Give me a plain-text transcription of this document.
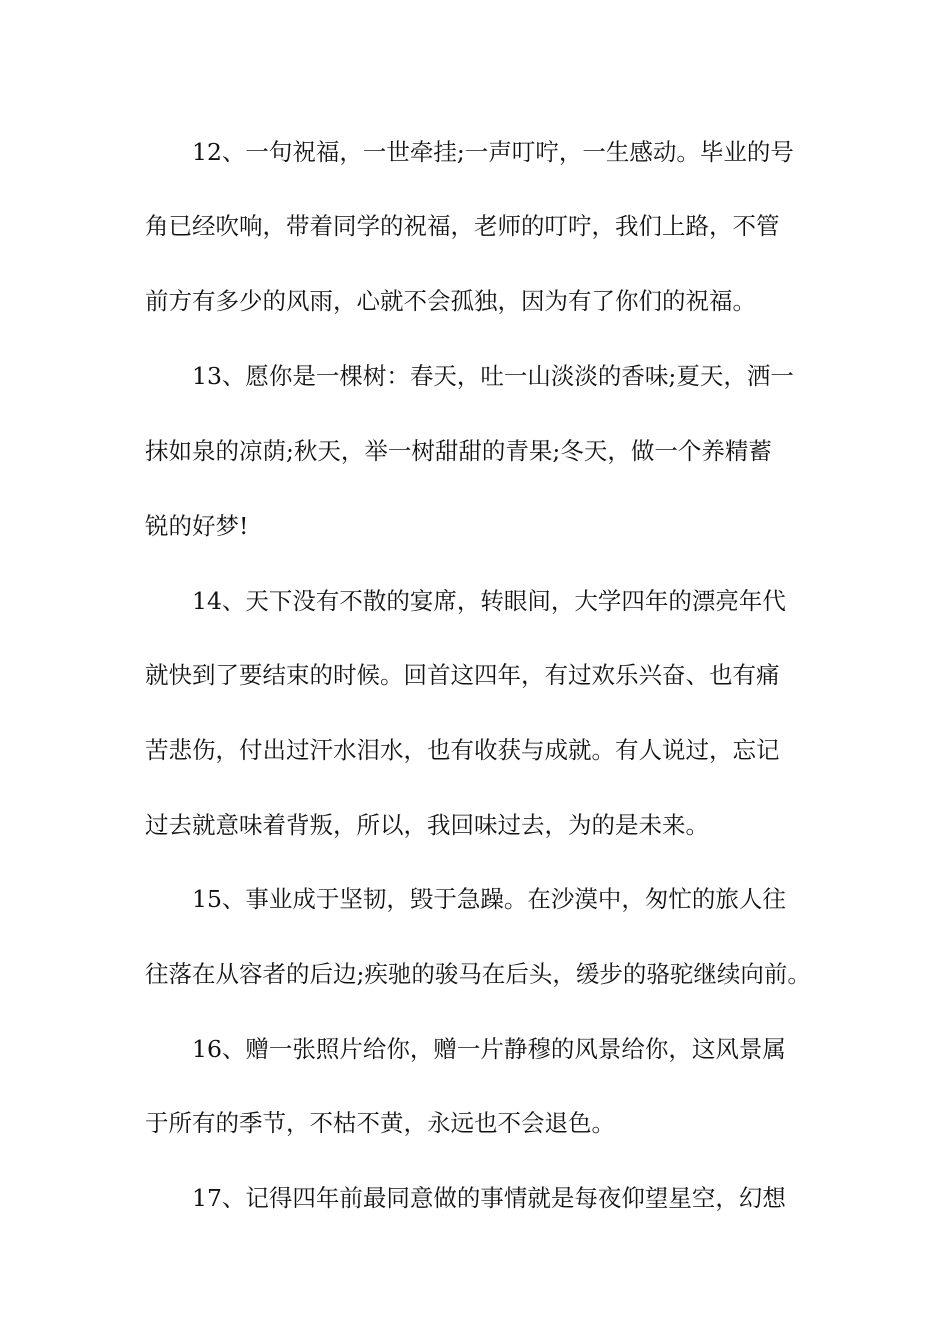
12、一句祝福，一世牵挂;一声叮咛，一生感动。毕业的号
角已经吹响，带着同学的祝福，老师的叮咛，我们上路，不管
前方有多少的风雨，心就不会孤独，因为有了你们的祝福。
13、愿你是一棵树：春天，吐一山淡淡的香味;夏天，洒一
抹如泉的凉荫;秋天，举一树甜甜的青果;冬天，做一个养精蓄
锐的好梦!
14、天下没有不散的宴席，转眼间，大学四年的漂亮年代
就快到了要结束的时候。回首这四年，有过欢乐兴奋、也有痛
苦悲伤，付出过汗水泪水，也有收获与成就。有人说过，忘记
过去就意味着背叛，所以，我回味过去，为的是未来。
15、事业成于坚韧，毁于急躁。在沙漠中，匆忙的旅人往
往落在从容者的后边;疾驰的骏马在后头，缓步的骆驼继续向前。
16、赠一张照片给你，赠一片静穆的风景给你，这风景属
于所有的季节，不枯不黄，永远也不会退色。
17、记得四年前最同意做的事情就是每夜仰望星空，幻想
